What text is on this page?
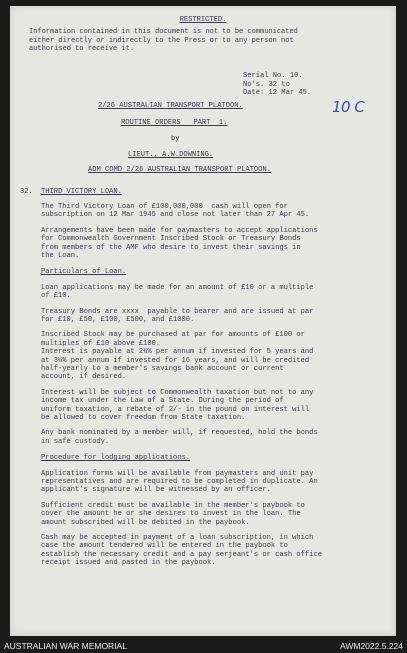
RESTRICTED.
Information contained in this document is not to be communicated
either directly or indirectly to the Press or to any person not
authorised to receive it.
Serial No. 10.
No's. 32 to
Date: 12 Mar 45.
10 C
2/26 AUSTRALIAN TRANSPORT PLATOON.
ROUTINE ORDERS   PART  1.
by
LIEUT., A.W.DOWNING.
ADM COMD 2/26 AUSTRALIAN TRANSPORT PLATOON.
32. THIRD VICTORY LOAN.
The Third Victory Loan of £100,000,000  cash will open for
subscription on 12 Mar 1945 and close not later than 27 Apr 45.
Arrangements have been made for paymasters to accept applications
for Commonwealth Government Inscribed Stock or Treasury Bonds
from members of the AMF who desire to invest their savings in
the Loan.
Particulars of Loan.
Loan applications may be made for an amount of £10 or a multiple
of £10.
Treasury Bonds are xxxx  payable to bearer and are issued at par
for £10, £50, £100, £500, and £1000.
Inscribed Stock may be purchased at par for amounts of £100 or
multiples of £10 above £100.
Interest is payable at 2¾% per annum if invested for 5 years and
at 3¼% per annum if invested for 16 years, and will be credited
half-yearly to a member's savings bank account or current
account, if desired.
Interest will be subject to Commonwealth taxation but not to any
income tax under the Law of a State. During the period of
uniform taxation, a rebate of 2/- in the pound on interest will
be allowed to cover freedom from State taxation.
Any bank nominated by a member will, if requested, hold the bonds
in safe custody.
Procedure for lodging applications.
Application forms will be available from paymasters and unit pay
representatives and are required to be completed in duplicate. An
applicant's signature will be witnessed by an officer.
Sufficient credit must be available in the member's paybook to
cover the amount he or she desires to invest in the loan. The
amount subscribed will be debited in the paybook.
Cash may be accepted in payment of a loan subscription, in which
case the amount tendered will be entered in the paybook to
establish the necessary credit and a pay serjeant's or cash office
receipt issued and pasted in the paybook.
AUSTRALIAN WAR MEMORIAL	AWM2022.5.224
